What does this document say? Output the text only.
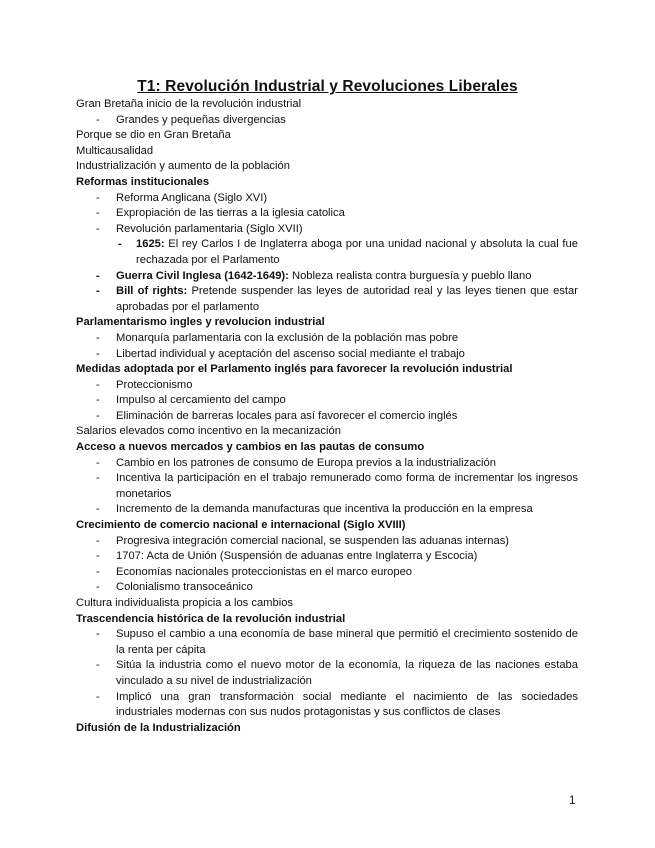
T1: Revolución Industrial y Revoluciones Liberales

Gran Bretaña inicio de la revolución industrial

- Grandes y pequeñas divergencias

Porque se dio en Gran Bretaña

Multicausalidad

Industrialización y aumento de la población

Reformas institucionales

- Reforma Anglicana (Siglo XVI)
- Expropiación de las tierras a la iglesia catolica
- Revolución parlamentaria (Siglo XVII)
- 1625: El rey Carlos I de Inglaterra aboga por una unidad nacional y absoluta la cual fue rechazada por el Parlamento
- Guerra Civil Inglesa (1642-1649): Nobleza realista contra burguesía y pueblo llano
- Bill of rights: Pretende suspender las leyes de autoridad real y las leyes tienen que estar aprobadas por el parlamento

Parlamentarismo ingles y revolucion industrial

- Monarquía parlamentaria con la exclusión de la población mas pobre
- Libertad individual y aceptación del ascenso social mediante el trabajo

Medidas adoptada por el Parlamento inglés para favorecer la revolución industrial

- Proteccionismo
- Impulso al cercamiento del campo
- Eliminación de barreras locales para así favorecer el comercio inglés

Salarios elevados como incentivo en la mecanización

Acceso a nuevos mercados y cambios en las pautas de consumo

- Cambio en los patrones de consumo de Europa previos a la industrialización
- Incentiva la participación en el trabajo remunerado como forma de incrementar los ingresos monetarios
- Incremento de la demanda manufacturas que incentiva la producción en la empresa

Crecimiento de comercio nacional e internacional (Siglo XVIII)

- Progresiva integración comercial nacional, se suspenden las aduanas internas)
- 1707: Acta de Unión (Suspensión de aduanas entre Inglaterra y Escocia)
- Economías nacionales proteccionistas en el marco europeo
- Colonialismo transoceánico

Cultura individualista propicia a los cambios

Trascendencia histórica de la revolución industrial

- Supuso el cambio a una economía de base mineral que permitió el crecimiento sostenido de la renta per cápita
- Sitúa la industria como el nuevo motor de la economía, la riqueza de las naciones estaba vinculado a su nivel de industrialización
- Implicó una gran transformación social mediante el nacimiento de las sociedades industriales modernas con sus nudos protagonistas y sus conflictos de clases

Difusión de la Industrialización

1
